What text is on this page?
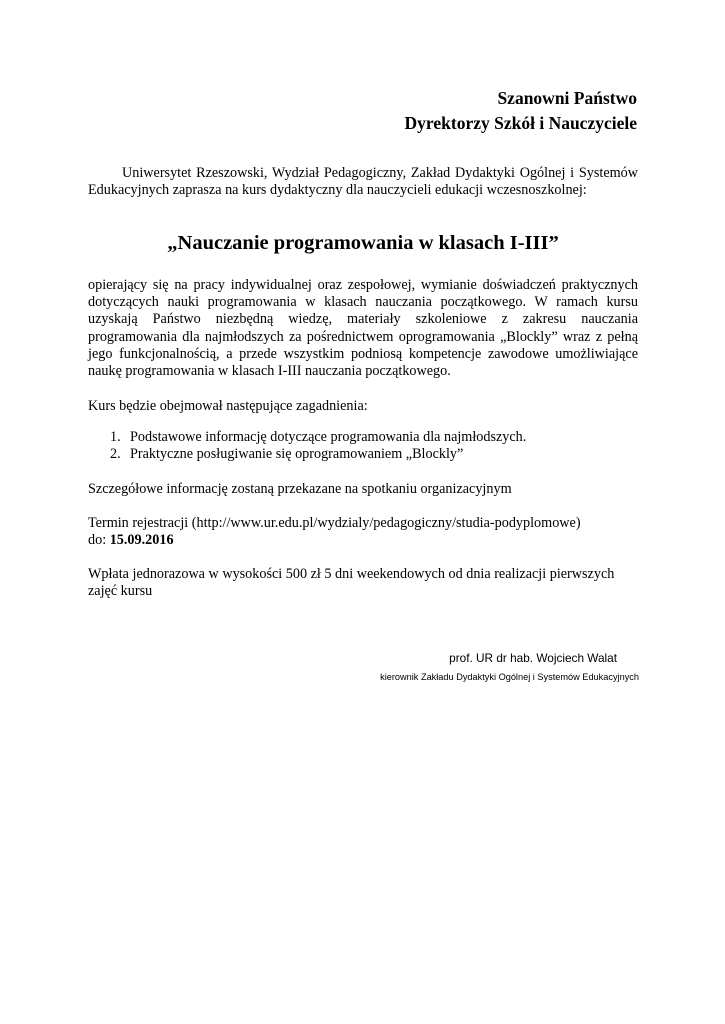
Szanowni Państwo
Dyrektorzy Szkół i Nauczyciele
Uniwersytet Rzeszowski, Wydział Pedagogiczny, Zakład Dydaktyki Ogólnej i Systemów Edukacyjnych zaprasza na kurs dydaktyczny dla nauczycieli edukacji wczesnoszkolnej:
„Nauczanie programowania w klasach I-III”
opierający się na pracy indywidualnej oraz zespołowej, wymianie doświadczeń praktycznych dotyczących nauki programowania w klasach nauczania początkowego. W ramach kursu uzyskają Państwo niezbędną wiedzę, materiały szkoleniowe z zakresu nauczania programowania dla najmłodszych za pośrednictwem oprogramowania „Blockly” wraz z pełną jego funkcjonalnością, a przede wszystkim podniosą kompetencje zawodowe umożliwiające naukę programowania w klasach I-III nauczania początkowego.
Kurs będzie obejmował następujące zagadnienia:
1. Podstawowe informację dotyczące programowania dla najmłodszych.
2. Praktyczne posługiwanie się oprogramowaniem „Blockly”
Szczegółowe informację zostaną przekazane na spotkaniu organizacyjnym
Termin rejestracji (http://www.ur.edu.pl/wydzialy/pedagogiczny/studia-podyplomowe)
do: 15.09.2016
Wpłata jednorazowa w wysokości 500 zł 5 dni weekendowych od dnia realizacji pierwszych zajęć kursu
prof. UR dr hab. Wojciech Walat
kierownik Zakładu Dydaktyki Ogólnej i Systemów Edukacyjnych
